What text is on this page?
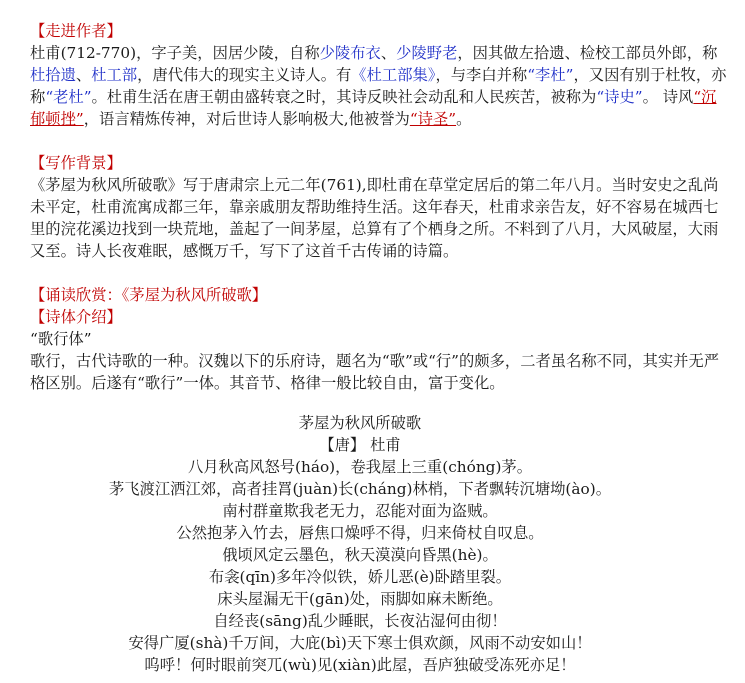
【走进作者】

杜甫(712-770)，字子美，因居少陵，自称少陵布衣、少陵野老，因其做左拾遗、检校工部员外郎，称杜拾遗、杜工部，唐代伟大的现实主义诗人。有《杜工部集》，与李白并称“李杜”，又因有别于杜牧，亦称“老杜”。杜甫生活在唐王朝由盛转衰之时，其诗反映社会动乱和人民疾苦，被称为“诗史”。 诗风“沉郁顿挫”，语言精炼传神，对后世诗人影响极大,他被誉为“诗圣”。

【写作背景】

《茅屋为秋风所破歌》写于唐肃宗上元二年(761),即杜甫在草堂定居后的第二年八月。当时安史之乱尚未平定，杜甫流寓成都三年，靠亲戚朋友帮助维持生活。这年春天，杜甫求亲告友，好不容易在城西七里的浣花溪边找到一块荒地，盖起了一间茅屋，总算有了个栖身之所。不料到了八月，大风破屋，大雨又至。诗人长夜难眠，感慨万千，写下了这首千古传诵的诗篇。

【诵读欣赏：《茅屋为秋风所破歌】

【诗体介绍】

“歌行体”

歌行，古代诗歌的一种。汉魏以下的乐府诗，题名为“歌”或“行”的颇多，二者虽名称不同，其实并无严格区别。后遂有“歌行”一体。其音节、格律一般比较自由，富于变化。

茅屋为秋风所破歌

【唐】 杜甫

八月秋高风怒号(háo)，卷我屋上三重(chóng)茅。

茅飞渡江洒江郊，高者挂罥(juàn)长(cháng)林梢，下者飘转沉塘坳(ào)。

南村群童欺我老无力，忍能对面为盗贼。

公然抱茅入竹去，唇焦口燥呼不得，归来倚杖自叹息。

俄顷风定云墨色，秋天漠漠向昏黑(hè)。

布衾(qīn)多年冷似铁，娇儿恶(è)卧踏里裂。

床头屋漏无干(gān)处，雨脚如麻未断绝。

自经丧(sāng)乱少睡眠，长夜沾湿何由彻！

安得广厦(shà)千万间，大庇(bì)天下寒士俱欢颜，风雨不动安如山！

呜呼！何时眼前突兀(wù)见(xiàn)此屋，吾庐独破受冻死亦足！
